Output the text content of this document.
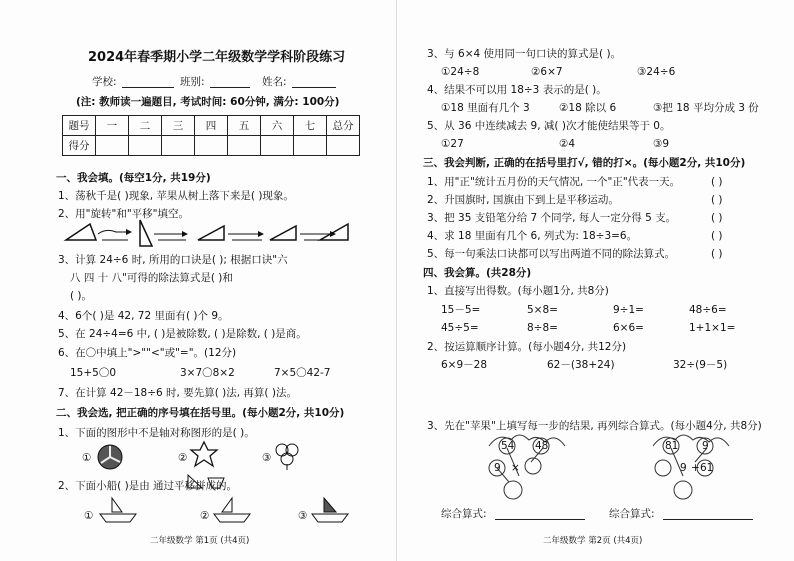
2024年春季期小学二年级数学学科阶段练习
学校:	班别:	姓名:
(注: 教师读一遍题目, 考试时间: 60分钟, 满分: 100分)
题号	一	二	三	四	五	六	七	总分
得分								
一、我会填。(每空1分, 共19分)
1、荡秋千是( )现象, 苹果从树上落下来是( )现象。
2、用"旋转"和"平移"填空。
3、计算 24÷6 时, 所用的口诀是( ); 根据口诀"六
八 四 十 八"可得的除法算式是( )和
( )。
4、6个( )是 42, 72 里面有( )个 9。
5、在 24÷4=6 中, ( )是被除数, ( )是除数, ( )是商。
6、在〇中填上">""<"或"="。(12分)
15+5〇0	3×7〇8×2	7×5〇42-7
7、在计算 42－18÷6 时, 要先算( )法, 再算( )法。
二、我会选, 把正确的序号填在括号里。(每小题2分, 共10分)
1、下面的图形中不是轴对称图形的是( )。
①	②	③
2、下面小船( )是由 通过平移拼成的。
①	②	③
二年级数学 第1页 (共4页)
3、与 6×4 使用同一句口诀的算式是( )。
①24÷8	②6×7	③24÷6
4、结果不可以用 18÷3 表示的是( )。
①18 里面有几个 3	②18 除以 6	③把 18 平均分成 3 份
5、从 36 中连续减去 9, 减( )次才能使结果等于 0。
①27	②4	③9
三、我会判断, 正确的在括号里打√, 错的打×。(每小题2分, 共10分)
1、用"正"统计五月份的天气情况, 一个"正"代表一天。	( )
2、升国旗时, 国旗由下到上是平移运动。	( )
3、把 35 支铅笔分给 7 个同学, 每人一定分得 5 支。	( )
4、求 18 里面有几个 6, 列式为: 18÷3=6。	( )
5、每一句乘法口诀都可以写出两道不同的除法算式。	( )
四、我会算。(共28分)
1、直接写出得数。(每小题1分, 共8分)
15－5=	5×8=	9÷1=	48÷6=
45÷5=	8÷8=	6×6=	1+1×1=
2、按运算顺序计算。(每小题4分, 共12分)
6×9－28	62－(38+24)	32÷(9－5)
3、先在"苹果"上填写每一步的结果, 再列综合算式。(每小题4分, 共8分)
54 48
9 ×
81 9
9 + 61
综合算式:	综合算式:
二年级数学 第2页 (共4页)
